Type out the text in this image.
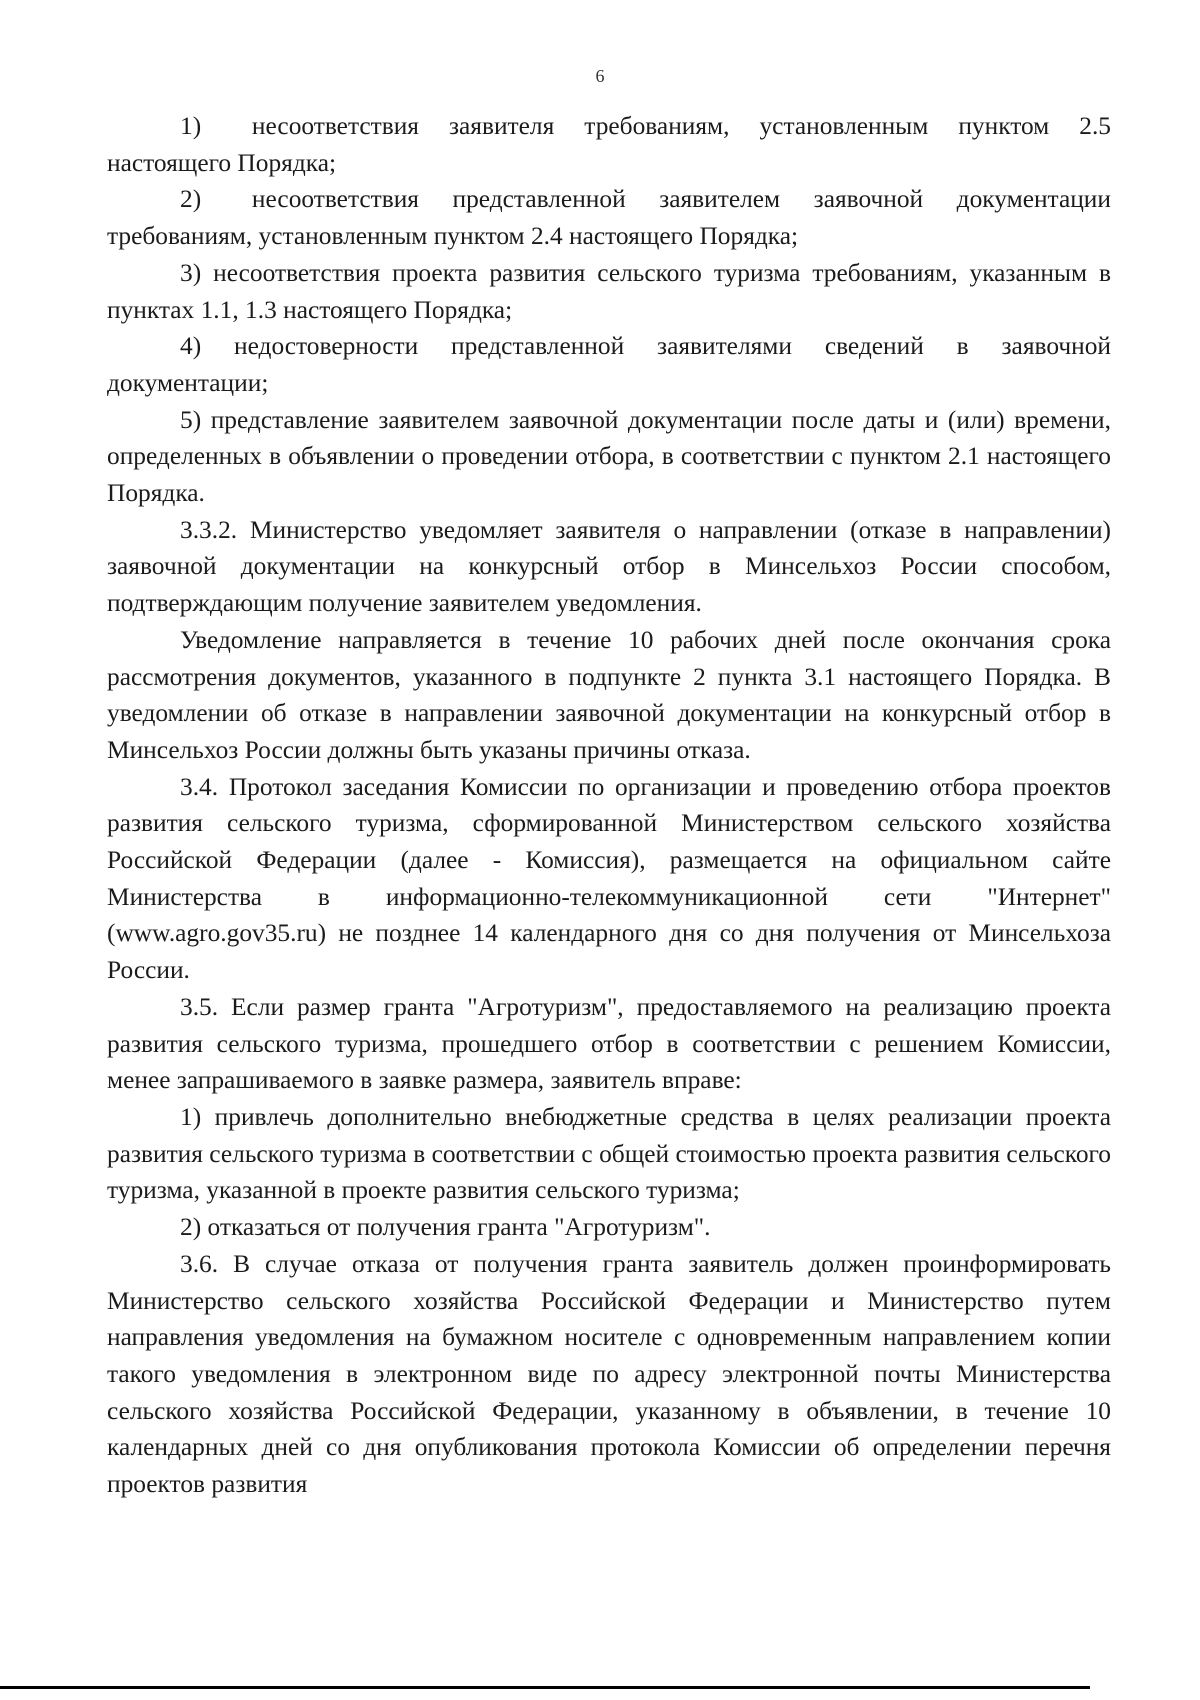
6

1)  несоответствия заявителя требованиям, установленным пунктом 2.5 настоящего Порядка;

2)  несоответствия представленной заявителем заявочной документации требованиям, установленным пунктом 2.4 настоящего Порядка;

3) несоответствия проекта развития сельского туризма требованиям, указанным в пунктах 1.1, 1.3 настоящего Порядка;

4) недостоверности представленной заявителями сведений в заявочной документации;

5) представление заявителем заявочной документации после даты и (или) времени, определенных в объявлении о проведении отбора, в соответствии с пунктом 2.1 настоящего Порядка.

3.3.2. Министерство уведомляет заявителя о направлении (отказе в направлении) заявочной документации на конкурсный отбор в Минсельхоз России способом, подтверждающим получение заявителем уведомления.

Уведомление направляется в течение 10 рабочих дней после окончания срока рассмотрения документов, указанного в подпункте 2 пункта 3.1 настоящего Порядка. В уведомлении об отказе в направлении заявочной документации на конкурсный отбор в Минсельхоз России должны быть указаны причины отказа.

3.4. Протокол заседания Комиссии по организации и проведению отбора проектов развития сельского туризма, сформированной Министерством сельского хозяйства Российской Федерации (далее - Комиссия), размещается на официальном сайте Министерства в информационно-телекоммуникационной сети "Интернет" (www.agro.gov35.ru) не позднее 14 календарного дня со дня получения от Минсельхоза России.

3.5. Если размер гранта "Агротуризм", предоставляемого на реализацию проекта развития сельского туризма, прошедшего отбор в соответствии с решением Комиссии, менее запрашиваемого в заявке размера, заявитель вправе:

1) привлечь дополнительно внебюджетные средства в целях реализации проекта развития сельского туризма в соответствии с общей стоимостью проекта развития сельского туризма, указанной в проекте развития сельского туризма;

2) отказаться от получения гранта "Агротуризм".

3.6. В случае отказа от получения гранта заявитель должен проинформировать Министерство сельского хозяйства Российской Федерации и Министерство путем направления уведомления на бумажном носителе с одновременным направлением копии такого уведомления в электронном виде по адресу электронной почты Министерства сельского хозяйства Российской Федерации, указанному в объявлении, в течение 10 календарных дней со дня опубликования протокола Комиссии об определении перечня проектов развития
